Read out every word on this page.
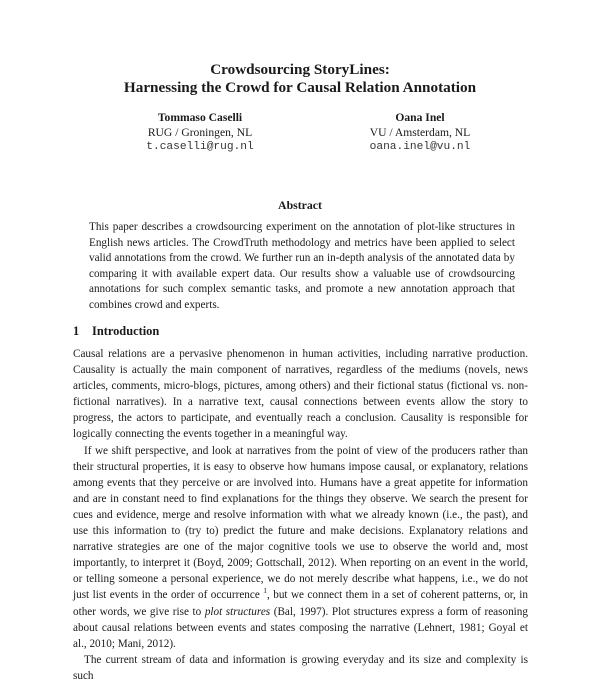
Crowdsourcing StoryLines:
Harnessing the Crowd for Causal Relation Annotation
Tommaso Caselli
RUG / Groningen, NL
t.caselli@rug.nl
Oana Inel
VU / Amsterdam, NL
oana.inel@vu.nl
Abstract
This paper describes a crowdsourcing experiment on the annotation of plot-like structures in English news articles. The CrowdTruth methodology and metrics have been applied to select valid annotations from the crowd. We further run an in-depth analysis of the annotated data by comparing it with available expert data. Our results show a valuable use of crowdsourcing annotations for such complex semantic tasks, and promote a new annotation approach that combines crowd and experts.
1 Introduction

Causal relations are a pervasive phenomenon in human activities, including narrative production. Causality is actually the main component of narratives, regardless of the mediums (novels, news articles, comments, micro-blogs, pictures, among others) and their fictional status (fictional vs. non-fictional narratives). In a narrative text, causal connections between events allow the story to progress, the actors to participate, and eventually reach a conclusion. Causality is responsible for logically connecting the events together in a meaningful way.

If we shift perspective, and look at narratives from the point of view of the producers rather than their structural properties, it is easy to observe how humans impose causal, or explanatory, relations among events that they perceive or are involved into. Humans have a great appetite for information and are in constant need to find explanations for the things they observe. We search the present for cues and evidence, merge and resolve information with what we already known (i.e., the past), and use this information to (try to) predict the future and make decisions. Explanatory relations and narrative strategies are one of the major cognitive tools we use to observe the world and, most importantly, to interpret it (Boyd, 2009; Gottschall, 2012). When reporting on an event in the world, or telling someone a personal experience, we do not merely describe what happens, i.e., we do not just list events in the order of occurrence $^1$, but we connect them in a set of coherent patterns, or, in other words, we give rise to plot structures (Bal, 1997). Plot structures express a form of reasoning about causal relations between events and states composing the narrative (Lehnert, 1981; Goyal et al., 2010; Mani, 2012).

The current stream of data and information is growing everyday and its size and complexity is such
